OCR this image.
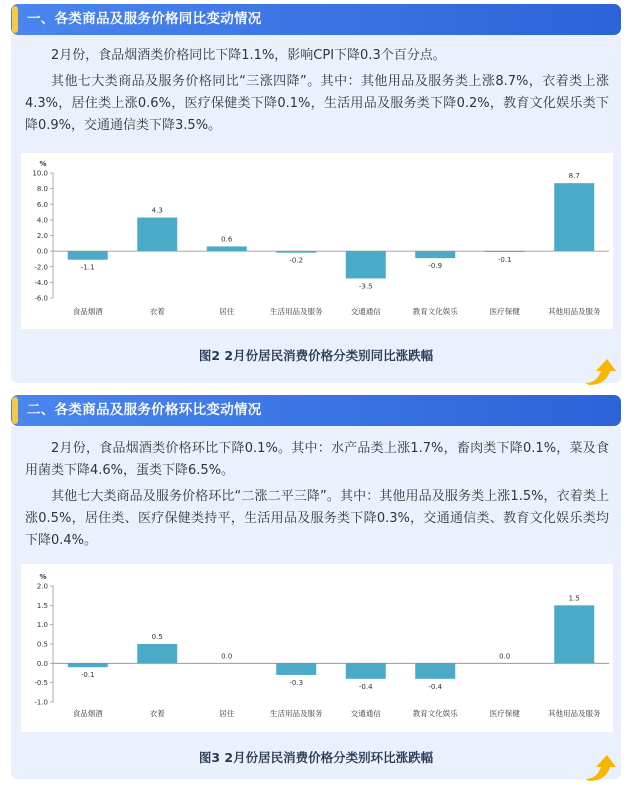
一、各类商品及服务价格同比变动情况

2月份，食品烟酒类价格同比下降1.1%，影响CPI下降0.3个百分点。

其他七大类商品及服务价格同比“三涨四降”。其中：其他用品及服务类上涨8.7%，衣着类上涨4.3%，居住类上涨0.6%，医疗保健类下降0.1%，生活用品及服务类下降0.2%，教育文化娱乐类下降0.9%，交通通信类下降3.5%。

%
10.0
8.0
6.0
4.0
2.0
0.0
-2.0
-4.0
-6.0
-1.1
食品烟酒
4.3
衣着
0.6
居住
-0.2
生活用品及服务
-3.5
交通通信
-0.9
教育文化娱乐
-0.1
医疗保健
8.7
其他用品及服务
图2 2月份居民消费价格分类别同比涨跌幅
二、各类商品及服务价格环比变动情况

2月份，食品烟酒类价格环比下降0.1%。其中：水产品类上涨1.7%，畜肉类下降0.1%，菜及食用菌类下降4.6%，蛋类下降6.5%。

其他七大类商品及服务价格环比“二涨二平三降”。其中：其他用品及服务类上涨1.5%，衣着类上涨0.5%，居住类、医疗保健类持平，生活用品及服务类下降0.3%，交通通信类、教育文化娱乐类均下降0.4%。

%
2.0
1.5
1.0
0.5
0.0
-0.5
-1.0
-0.1
食品烟酒
0.5
衣着
0.0
居住
-0.3
生活用品及服务
-0.4
交通通信
-0.4
教育文化娱乐
0.0
医疗保健
1.5
其他用品及服务
图3 2月份居民消费价格分类别环比涨跌幅
